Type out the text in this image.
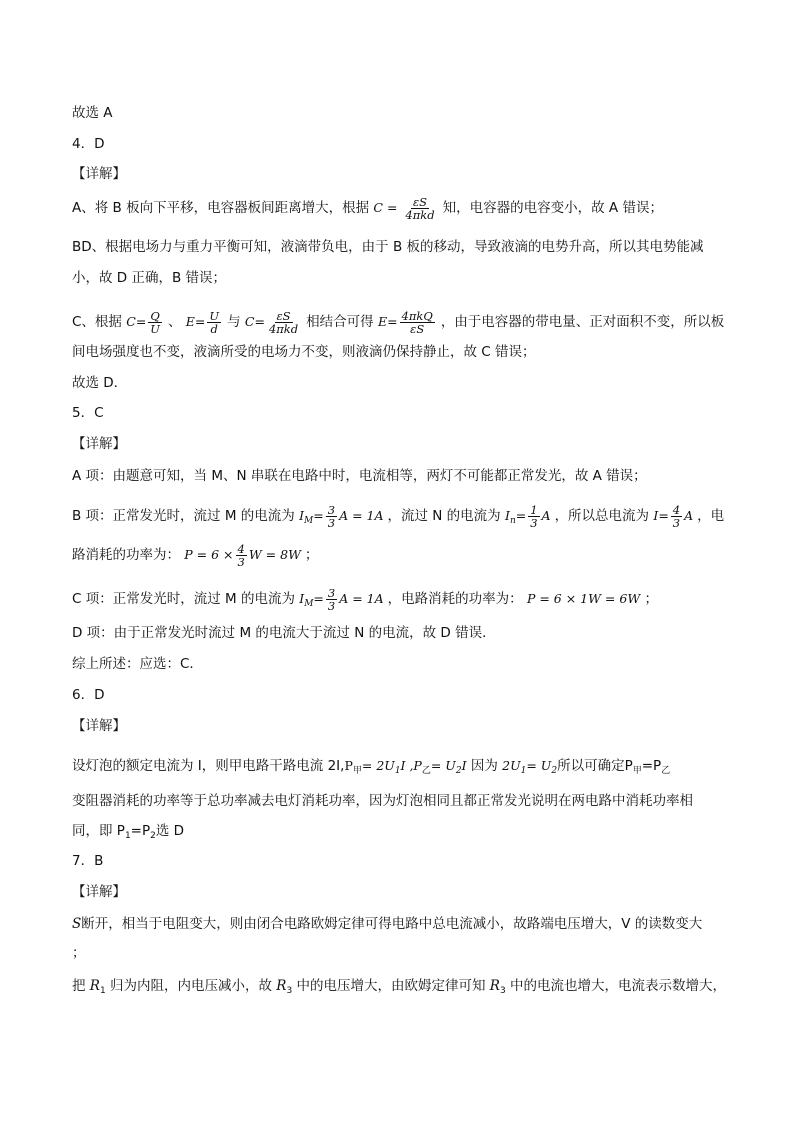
故选 A
4．D
【详解】
A、将 B 板向下平移，电容器板间距离增大，根据 $C = \frac{\varepsilon S}{\text{4πkd}}$ 知，电容器的电容变小，故 A 错误；
BD、根据电场力与重力平衡可知，液滴带负电，由于 B 板的移动，导致液滴的电势升高，所以其电势能减
小，故 D 正确，B 错误；
C、根据 $C= \frac{Q}{U}$ 、 $E= \frac{U}{d}$ 与 $C= \frac{\varepsilon S}{\text{4πkd}}$ 相结合可得 $E= \frac{\text{4πkQ}}{\varepsilon S}$ ，由于电容器的带电量、正对面积不变，所以板
间电场强度也不变，液滴所受的电场力不变，则液滴仍保持静止，故 C 错误；
故选 D．
5．C
【详解】
A 项：由题意可知，当 M、N 串联在电路中时，电流相等，两灯不可能都正常发光，故 A 错误；
B 项：正常发光时，流过 M 的电流为 $I_M= \frac{3}{3}$ A = 1A ，流过 N 的电流为 $I_n= \frac{1}{3}$ A ，所以总电流为 $I= \frac{4}{3}$ A ，电
路消耗的功率为： $P = 6 \times \frac{4}{3}$ W = 8W ；
C 项：正常发光时，流过 M 的电流为 $I_M= \frac{3}{3}$ A = 1A ，电路消耗的功率为： P = 6 × 1W = 6W ；
D 项：由于正常发光时流过 M 的电流大于流过 N 的电流，故 D 错误．
综上所述：应选：C．
6．D
【详解】
设灯泡的额定电流为 I，则甲电路干路电流 $2I,P_甲= 2U_1I$ $,P_乙= U_2I$ 因为 $2U_1= U_2$所以可确定$P_甲=P_乙$
变阻器消耗的功率等于总功率减去电灯消耗功率，因为灯泡相同且都正常发光说明在两电路中消耗功率相
同，即 $P_1=P_2$选 D
7．B
【详解】
S断开，相当于电阻变大，则由闭合电路欧姆定律可得电路中总电流减小，故路端电压增大，V 的读数变大
；
把 $R_1$ 归为内阻，内电压减小，故 $R_3$ 中的电压增大，由欧姆定律可知 $R_3$ 中的电流也增大，电流表示数增大，
